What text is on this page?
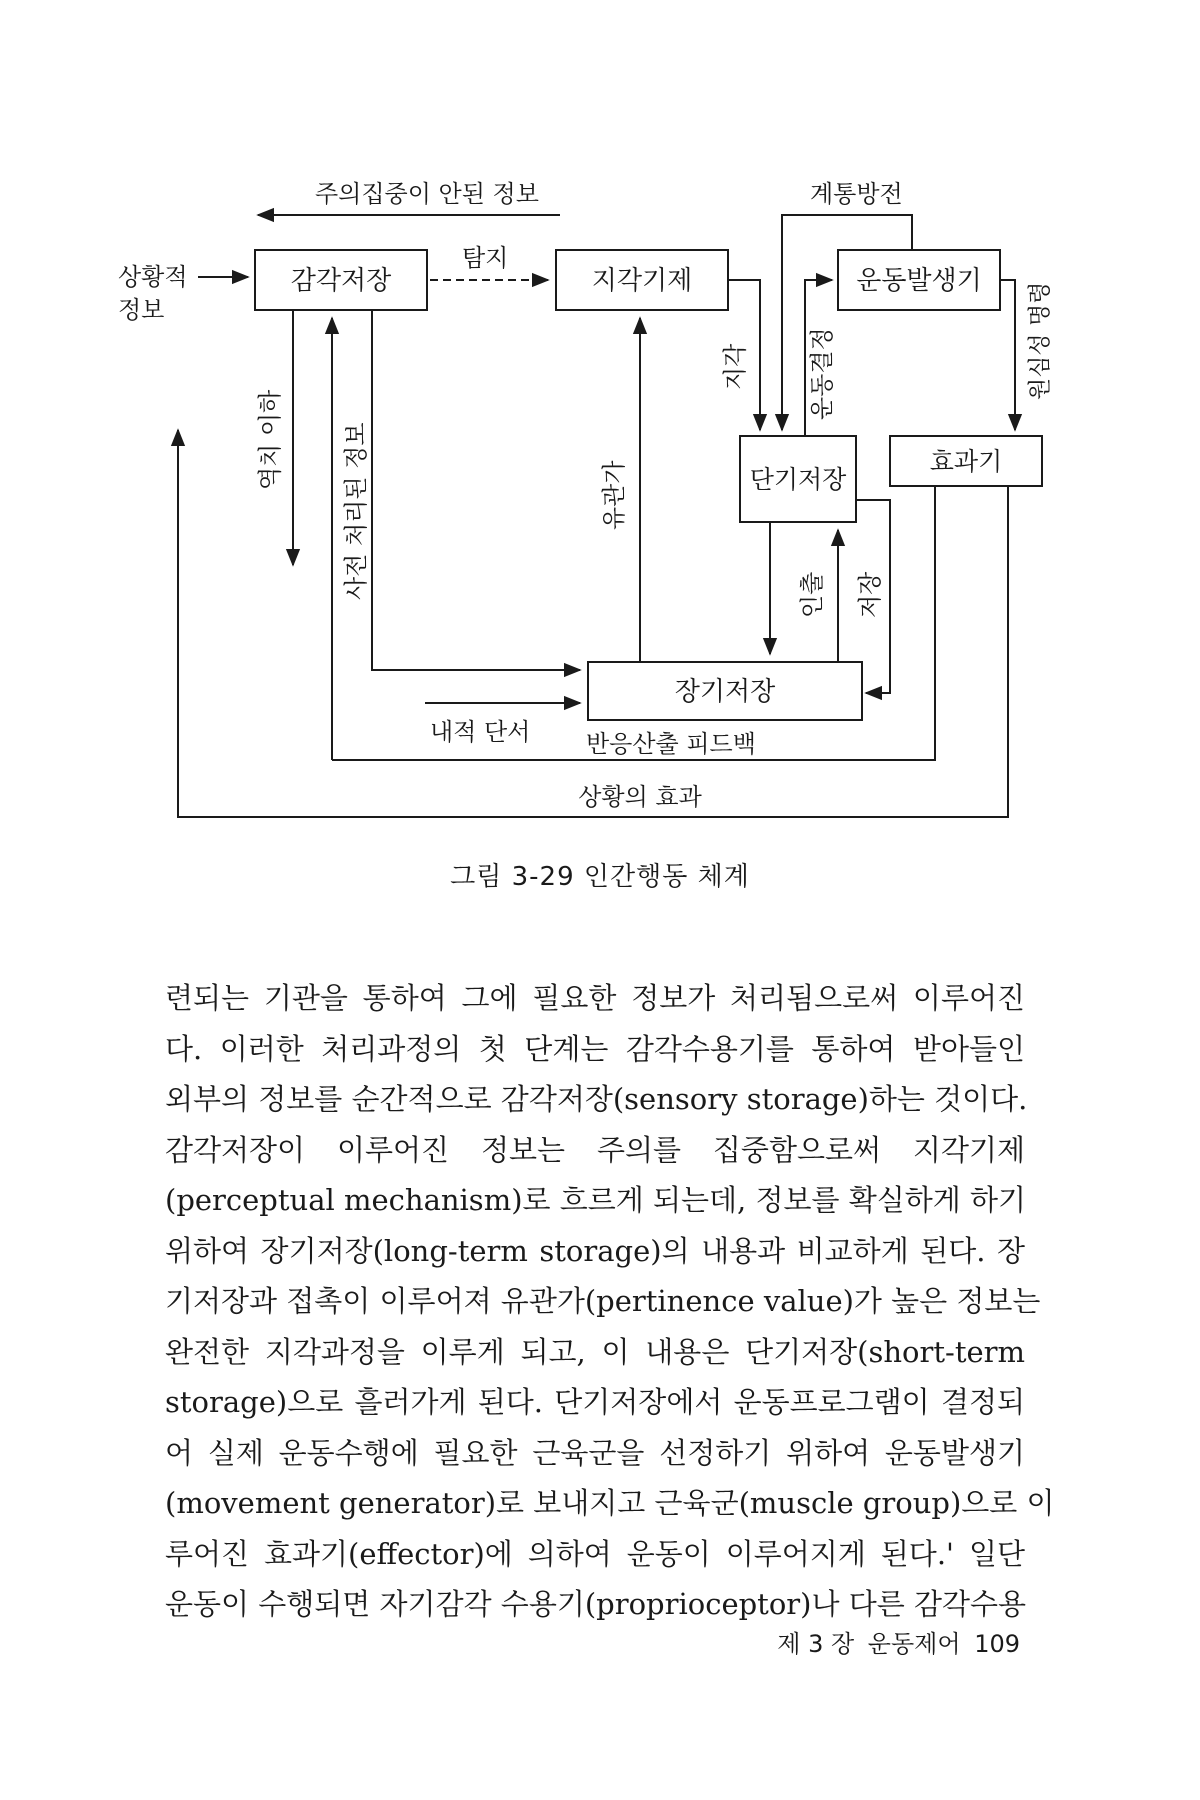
주의집중이 안된 정보	계통방전
상황적
정보
감각저장
탐지
지각기제	운동발생기
역치 이하 사전 처리된 정보	유관가
지각 운동결정	원심성 명령
단기저장
효과기
인출 저장
장기저장
내적 단서 반응산출 피드백
상황의 효과
그림 3-29 인간행동 체계
련되는 기관을 통하여 그에 필요한 정보가 처리됨으로써 이루어진
다. 이러한 처리과정의 첫 단계는 감각수용기를 통하여 받아들인
외부의 정보를 순간적으로 감각저장(sensory storage)하는 것이다.
감각저장이 이루어진 정보는 주의를 집중함으로써 지각기제
(perceptual mechanism)로 흐르게 되는데, 정보를 확실하게 하기
위하여 장기저장(long-term storage)의 내용과 비교하게 된다. 장
기저장과 접촉이 이루어져 유관가(pertinence value)가 높은 정보는
완전한 지각과정을 이루게 되고, 이 내용은 단기저장(short-term
storage)으로 흘러가게 된다. 단기저장에서 운동프로그램이 결정되
어 실제 운동수행에 필요한 근육군을 선정하기 위하여 운동발생기
(movement generator)로 보내지고 근육군(muscle group)으로 이
루어진 효과기(effector)에 의하여 운동이 이루어지게 된다.' 일단
운동이 수행되면 자기감각 수용기(proprioceptor)나 다른 감각수용
제 3 장 운동제어 109
